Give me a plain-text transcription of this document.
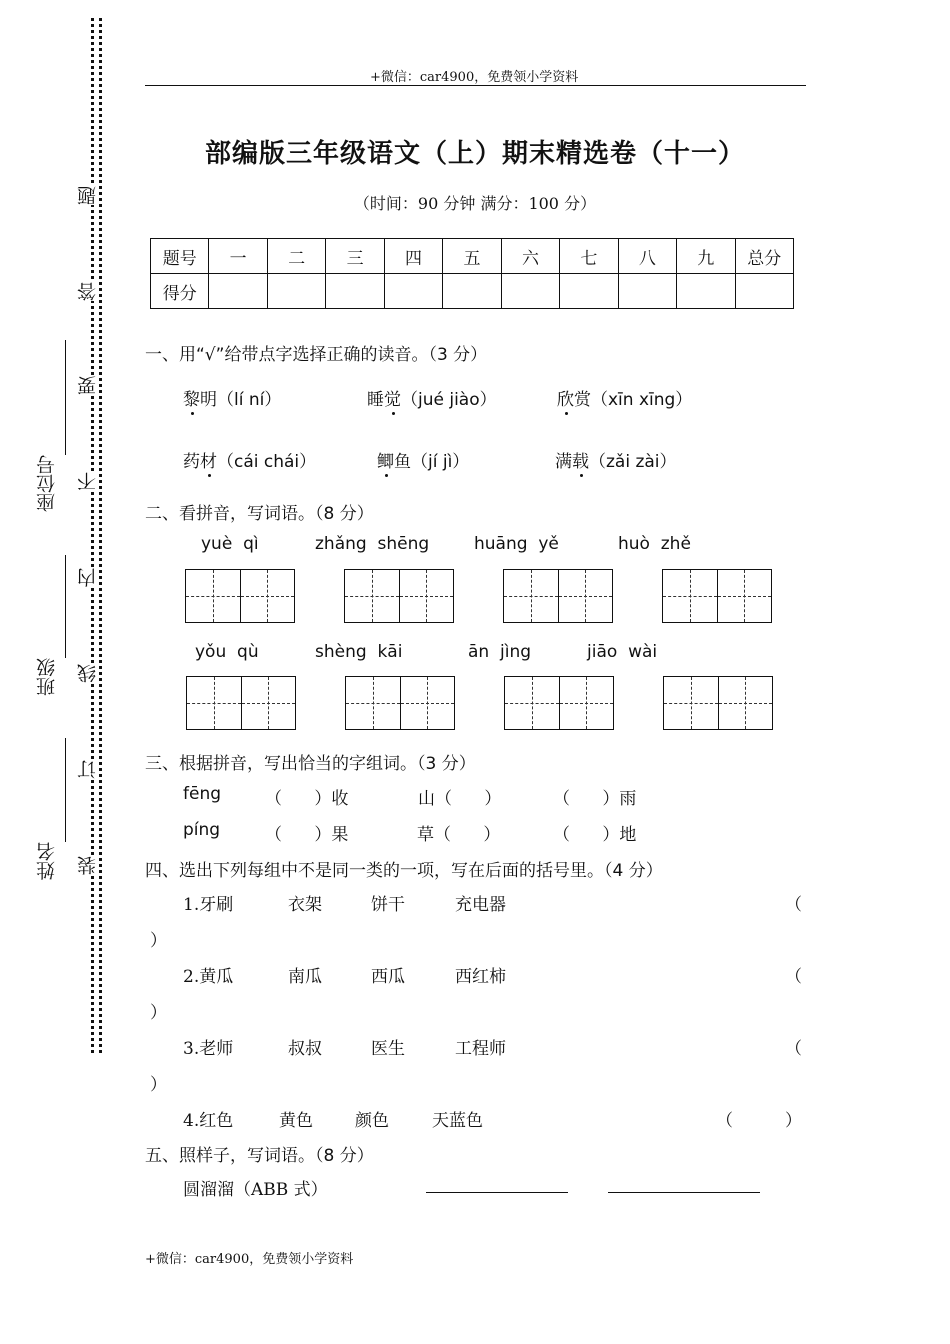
题
答
要
不
内
线
订
装
座位号
班级
姓名
+微信：car4900，免费领小学资料
部编版三年级语文（上）期末精选卷（十一）
（时间：90 分钟 满分：100 分）
题号	一	二	三	四	五	六	七	八	九	总分
得分										
一、用“√”给带点字选择正确的读音。（3 分）
黎明（lí ní）	睡觉（jué jiào）	欣赏（xīn xīng）
药材（cái chái）	鲫鱼（jí jì）	满载（zǎi zài）
二、看拼音，写词语。（8 分）
yuè  qì	zhǎng  shēng	huāng  yě	huò  zhě
yǒu  qù	shèng  kāi	ān  jìng	jiāo  wài
三、根据拼音，写出恰当的字组词。（3 分）
fēng	（      ）收	山（      ）	（      ）雨
píng	（      ）果	草（      ）	（      ）地
四、选出下列每组中不是同一类的一项，写在后面的括号里。（4 分）
1.牙刷	衣架	饼干	充电器	（
）
2.黄瓜	南瓜	西瓜	西红柿	（
）
3.老师	叔叔	医生	工程师	（
）
4.红色	黄色 颜色	天蓝色	（	）
五、照样子，写词语。（8 分）
圆溜溜（ABB 式）
+微信：car4900，免费领小学资料
